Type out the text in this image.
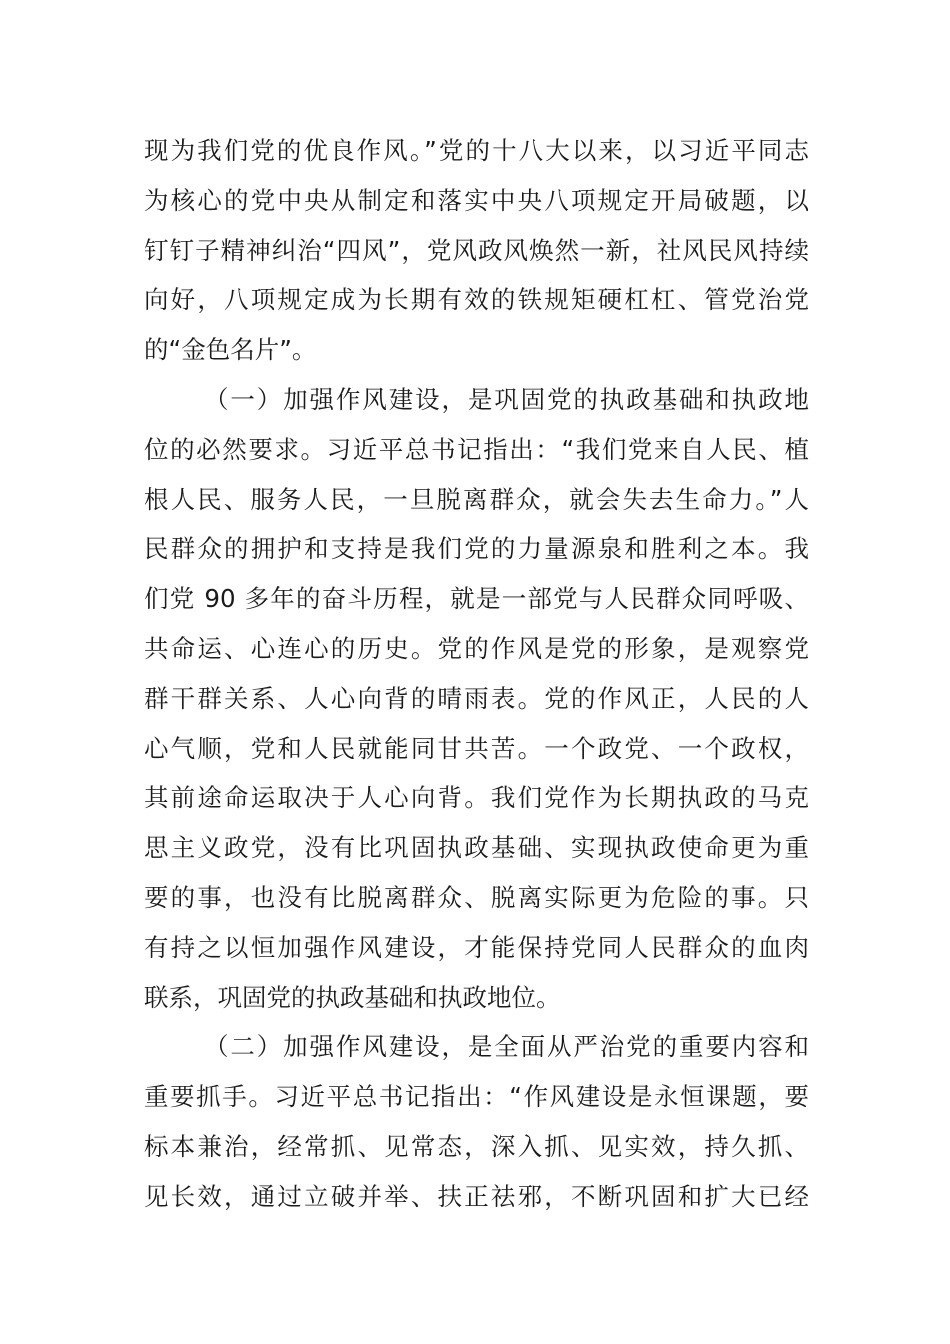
现为我们党的优良作风。”党的十八大以来，以习近平同志
为核心的党中央从制定和落实中央八项规定开局破题，以
钉钉子精神纠治“四风”，党风政风焕然一新，社风民风持续
向好，八项规定成为长期有效的铁规矩硬杠杠、管党治党
的“金色名片”。
（一）加强作风建设，是巩固党的执政基础和执政地
位的必然要求。习近平总书记指出：“我们党来自人民、植
根人民、服务人民，一旦脱离群众，就会失去生命力。”人
民群众的拥护和支持是我们党的力量源泉和胜利之本。我
们党 90 多年的奋斗历程，就是一部党与人民群众同呼吸、
共命运、心连心的历史。党的作风是党的形象，是观察党
群干群关系、人心向背的晴雨表。党的作风正，人民的人
心气顺，党和人民就能同甘共苦。一个政党、一个政权，
其前途命运取决于人心向背。我们党作为长期执政的马克
思主义政党，没有比巩固执政基础、实现执政使命更为重
要的事，也没有比脱离群众、脱离实际更为危险的事。只
有持之以恒加强作风建设，才能保持党同人民群众的血肉
联系，巩固党的执政基础和执政地位。
（二）加强作风建设，是全面从严治党的重要内容和
重要抓手。习近平总书记指出：“作风建设是永恒课题，要
标本兼治，经常抓、见常态，深入抓、见实效，持久抓、
见长效，通过立破并举、扶正祛邪，不断巩固和扩大已经
